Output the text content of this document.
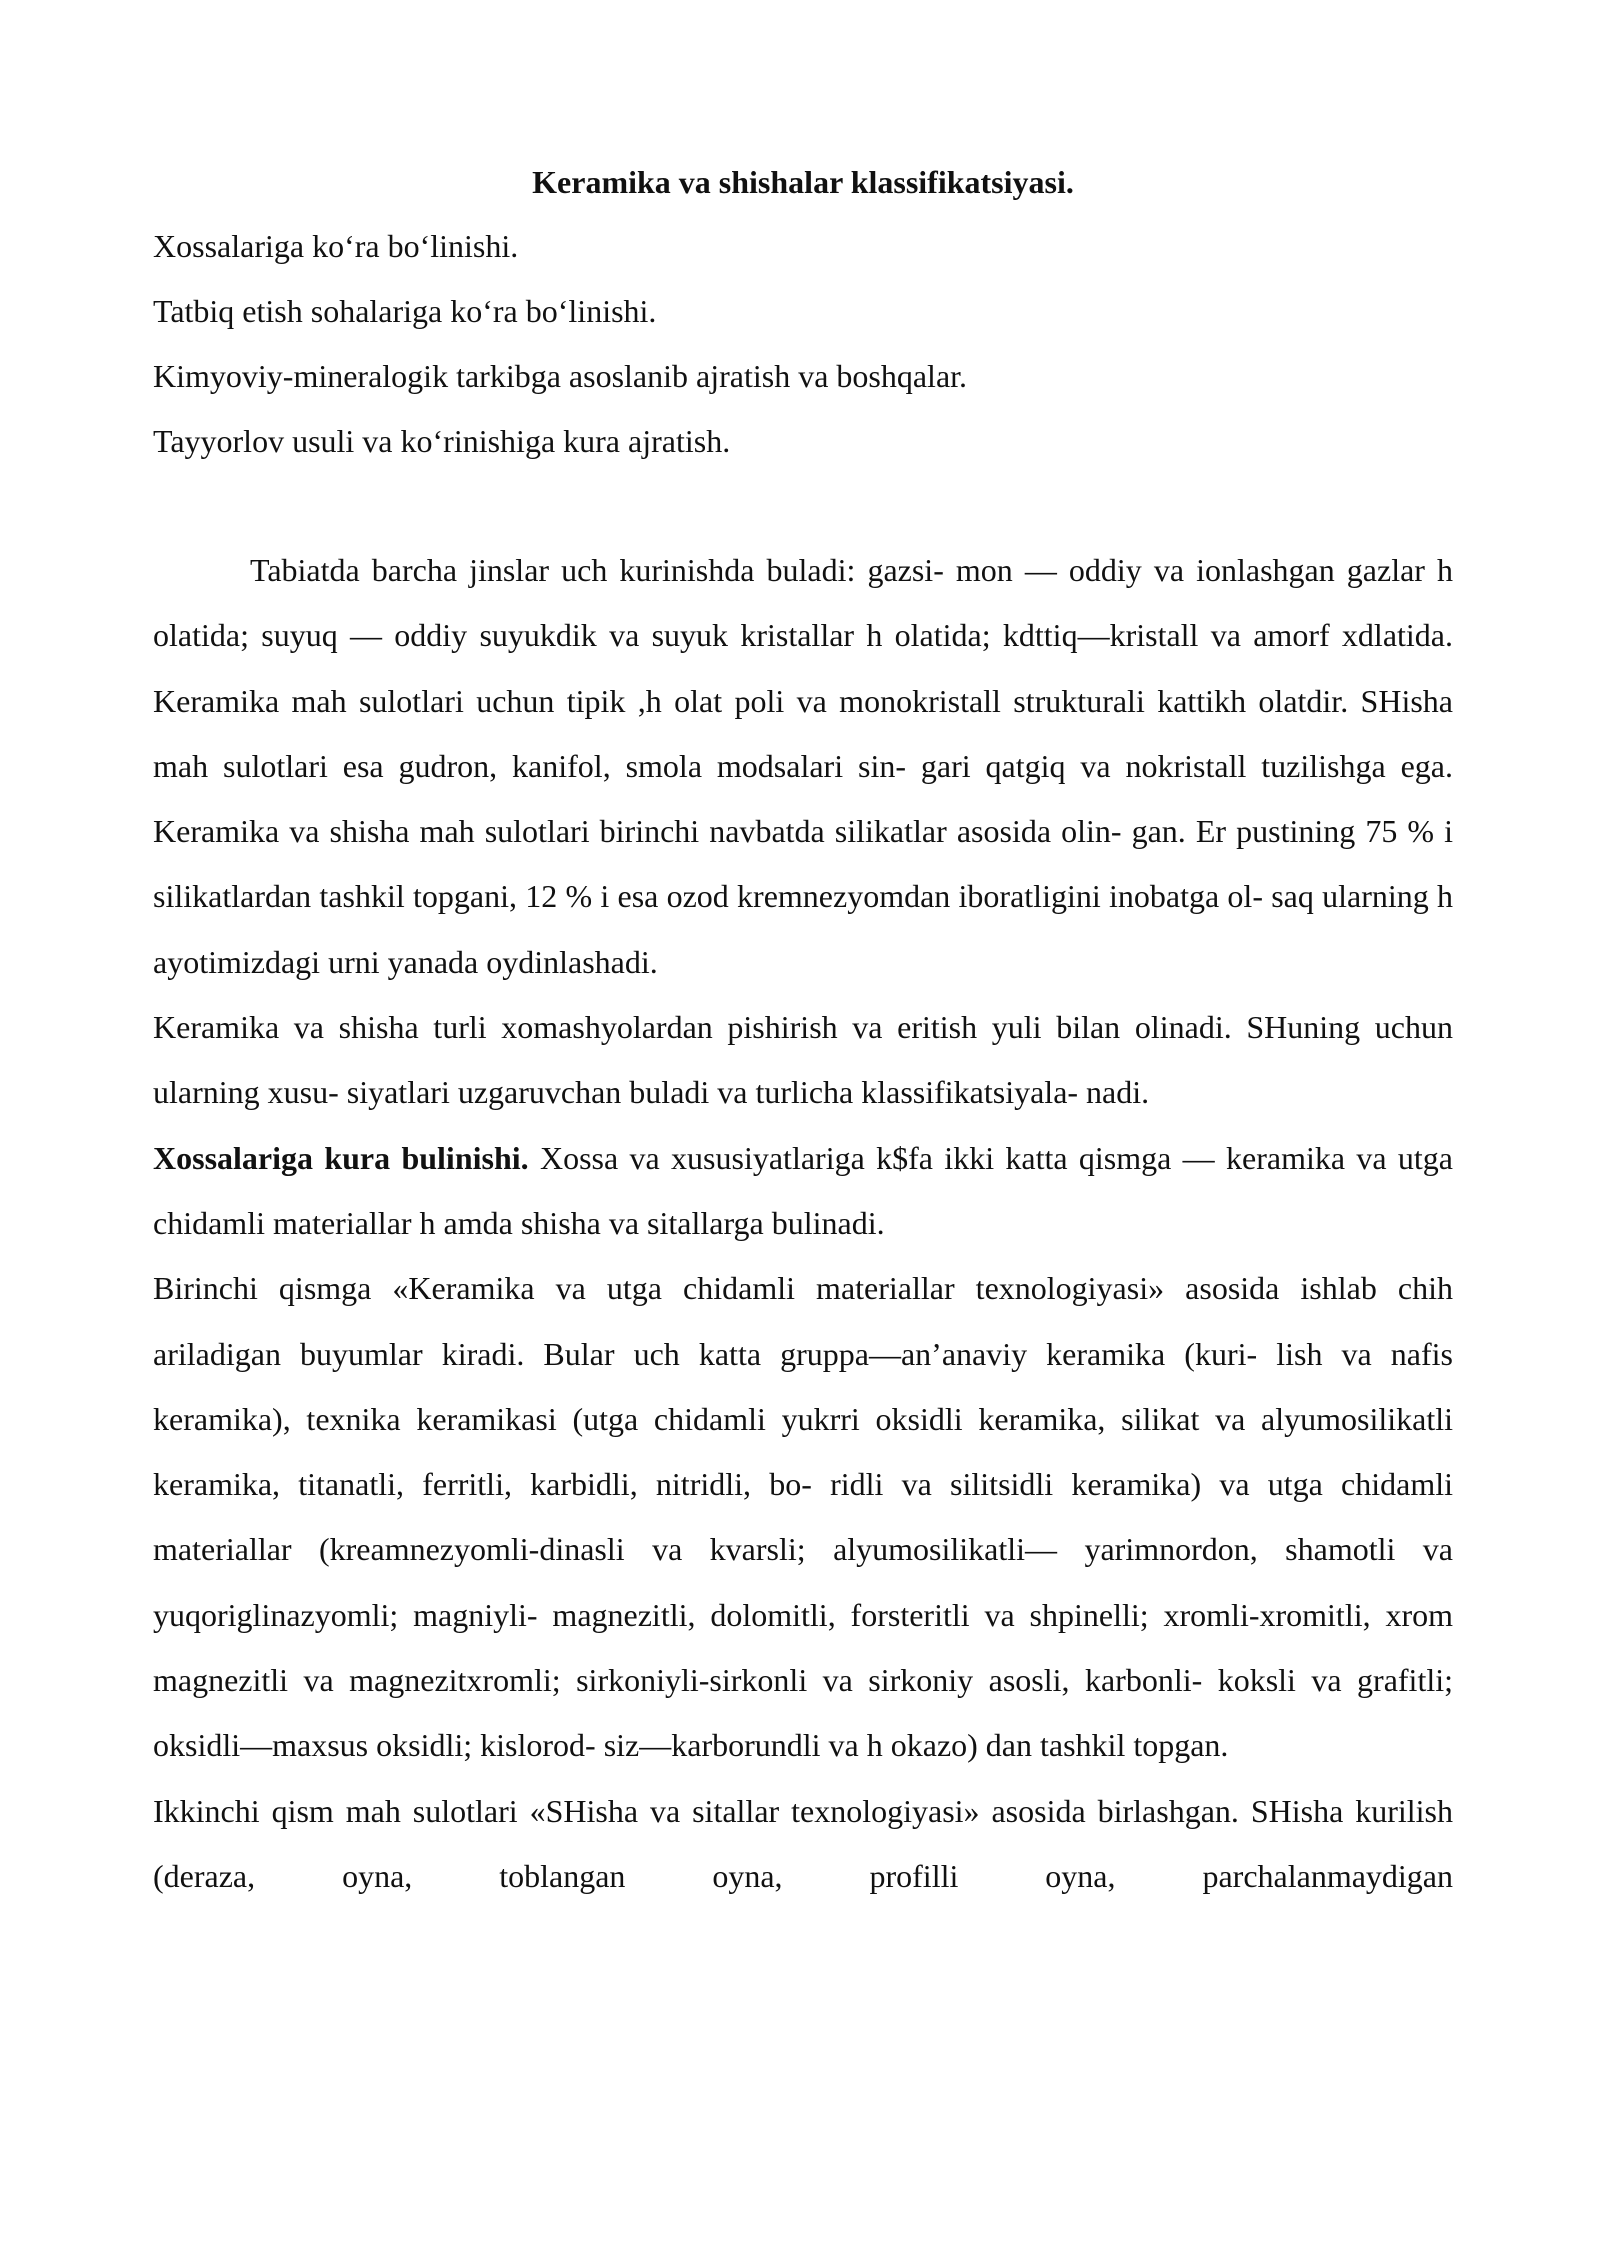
Keramika va shishalar klassifikatsiyasi.

Xossalariga ko‘ra bo‘linishi.

Tatbiq etish sohalariga ko‘ra bo‘linishi.

Kimyoviy-mineralogik tarkibga asoslanib ajratish va boshqalar.

Tayyorlov usuli va ko‘rinishiga kura ajratish.

Tabiatda barcha jinslar uch kurinishda buladi: gazsi- mon — oddiy va ionlashgan gazlar h olatida; suyuq — oddiy suyukdik va suyuk kristallar h olatida; kdttiq—kristall va amorf xdlatida. Keramika mah sulotlari uchun tipik ,h olat poli va monokristall strukturali kattikh olatdir. SHisha mah sulotlari esa gudron, kanifol, smola modsalari sin- gari qatgiq va nokristall tuzilishga ega. Keramika va shisha mah sulotlari birinchi navbatda silikatlar asosida olin- gan. Er pustining 75 % i silikatlardan tashkil topgani, 12 % i esa ozod kremnezyomdan iboratligini inobatga ol- saq ularning h ayotimizdagi urni yanada oydinlashadi.

Keramika va shisha turli xomashyolardan pishirish va eritish yuli bilan olinadi. SHuning uchun ularning xusu- siyatlari uzgaruvchan buladi va turlicha klassifikatsiyala- nadi.

Xossalariga kura bulinishi. Xossa va xususiyatlariga k$fa ikki katta qismga — keramika va utga chidamli materiallar h amda shisha va sitallarga bulinadi.

Birinchi qismga «Keramika va utga chidamli materiallar texnologiyasi» asosida ishlab chih ariladigan buyumlar kiradi. Bular uch katta gruppa—an’anaviy keramika (kuri- lish va nafis keramika), texnika keramikasi (utga chidamli yukrri oksidli keramika, silikat va alyumosilikatli keramika, titanatli, ferritli, karbidli, nitridli, bo- ridli va silitsidli keramika) va utga chidamli materiallar (kreamnezyomli-dinasli va kvarsli; alyumosilikatli— yarimnordon, shamotli va yuqoriglinazyomli; magniyli- magnezitli, dolomitli, forsteritli va shpinelli; xromli-xromitli, xrom magnezitli va magnezitxromli; sirkoniyli-sirkonli va sirkoniy asosli, karbonli- koksli va grafitli; oksidli—maxsus oksidli; kislorod- siz—karborundli va h okazo) dan tashkil topgan.

Ikkinchi qism mah sulotlari «SHisha va sitallar texnologiyasi» asosida birlashgan. SHisha kurilish (deraza, oyna, toblangan oyna, profilli oyna, parchalanmaydigan
